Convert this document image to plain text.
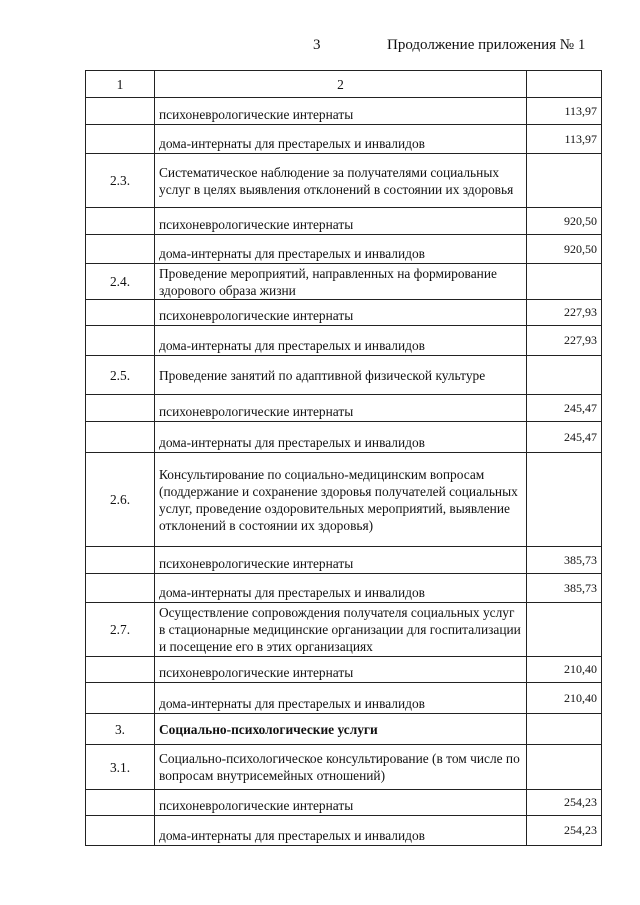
3	Продолжение приложения № 1
1	2	
	психоневрологические интернаты	113,97
	дома-интернаты для престарелых и инвалидов	113,97
2.3.	Систематическое наблюдение за получателями социальных услуг в целях выявления отклонений в состоянии их здоровья	
	психоневрологические интернаты	920,50
	дома-интернаты для престарелых и инвалидов	920,50
2.4.	Проведение мероприятий, направленных на формирование здорового образа жизни	
	психоневрологические интернаты	227,93
	дома-интернаты для престарелых и инвалидов	227,93
2.5.	Проведение занятий по адаптивной физической культуре	
	психоневрологические интернаты	245,47
	дома-интернаты для престарелых и инвалидов	245,47
2.6.	Консультирование по социально-медицинским вопросам (поддержание и сохранение здоровья получателей социальных услуг, проведение оздоровительных мероприятий, выявление отклонений в состоянии их здоровья)	
	психоневрологические интернаты	385,73
	дома-интернаты для престарелых и инвалидов	385,73
2.7.	Осуществление сопровождения получателя социальных услуг в стационарные медицинские организации для госпитализации и посещение его в этих организациях	
	психоневрологические интернаты	210,40
	дома-интернаты для престарелых и инвалидов	210,40
3.	Социально-психологические услуги	
3.1.	Социально-психологическое консультирование (в том числе по вопросам внутрисемейных отношений)	
	психоневрологические интернаты	254,23
	дома-интернаты для престарелых и инвалидов	254,23
